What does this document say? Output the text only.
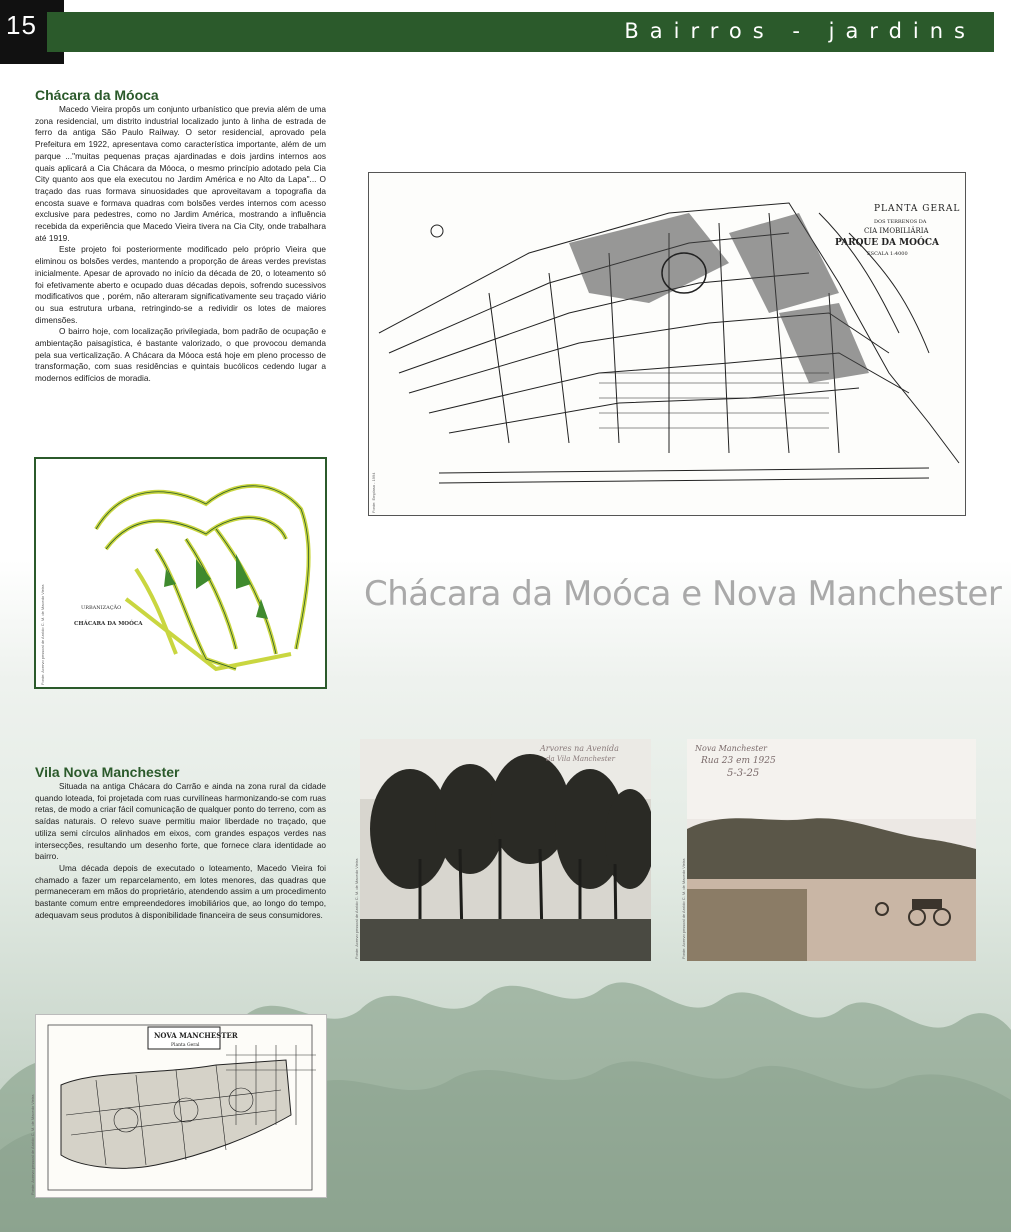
15	Bairros - jardins
Chácara da Móoca

Macedo Vieira propôs um conjunto urbanístico que previa além de uma zona residencial, um distrito industrial localizado junto à linha de estrada de ferro da antiga São Paulo Railway. O setor residencial, aprovado pela Prefeitura em 1922, apresentava como característica importante, além de um parque ..."muitas pequenas praças ajardinadas e dois jardins internos aos quais aplicará a Cia Chácara da Móoca, o mesmo princípio adotado pela Cia City quanto aos que ela executou no Jardim América e no Alto da Lapa"... O traçado das ruas formava sinuosidades que aproveitavam a topografia da encosta suave e formava quadras com bolsões verdes internos com acesso exclusive para pedestres, como no Jardim América, mostrando a influência recebida da experiência que Macedo Vieira tivera na Cia City, onde trabalhara até 1919.

Este projeto foi posteriormente modificado pelo próprio Vieira que eliminou os bolsões verdes, mantendo a proporção de áreas verdes previstas inicialmente. Apesar de aprovado no início da década de 20, o loteamento só foi efetivamente aberto e ocupado duas décadas depois, sofrendo sucessivos modificativos que , porém, não alteraram significativamente seu traçado viário ou sua estrutura urbana, retringindo-se a redividir os lotes de maiores dimensões.

O bairro hoje, com localização privilegiada, bom padrão de ocupação e ambientação paisagística, é bastante valorizado, o que provocou demanda pela sua verticalização. A Chácara da Móoca está hoje em pleno processo de transformação, com suas residências e quintais bucólicos cedendo lugar a modernos edifícios de moradia.

PLANTA GERAL
DOS TERRENOS DA
CIA IMOBILIÁRIA
PARQUE DA MOÓCA
ESCALA 1:4000
Fonte: Emplasa - 1994
URBANIZAÇÃO
CHÁCARA DA MOÓCA
Fonte: Acervo pessoal de Aroldo C. M. de Macedo Vieira	Chácara da Moóca e Nova Manchester
Vila Nova Manchester

Situada na antiga Chácara do Carrão e ainda na zona rural da cidade quando loteada, foi projetada com ruas curvilíneas harmonizando-se com ruas retas, de modo a criar fácil comunicação de qualquer ponto do terreno, com as saídas naturais. O relevo suave permitiu maior liberdade no traçado, que utiliza semi círculos alinhados em eixos, com grandes espaços verdes nas intersecções, resultando um desenho forte, que fornece clara identidade ao bairro.

Uma década depois de executado o loteamento, Macedo Vieira foi chamado a fazer um reparcelamento, em lotes menores, das quadras que permaneceram em mãos do proprietário, atendendo assim a um procedimento bastante comum entre empreendedores imobiliários que, ao longo do tempo, adequavam seus produtos à disponibilidade financeira de seus consumidores.

Arvores na Avenida
da Vila Manchester
Fonte: Acervo pessoal de Aroldo C. M. de Macedo Vieira
Nova Manchester
Rua 23 em 1925
5-3-25
Fonte: Acervo pessoal de Aroldo C. M. de Macedo Vieira
NOVA MANCHESTER
Planta Geral
Fonte: Acervo pessoal de Aroldo C. M. de Macedo Vieira
